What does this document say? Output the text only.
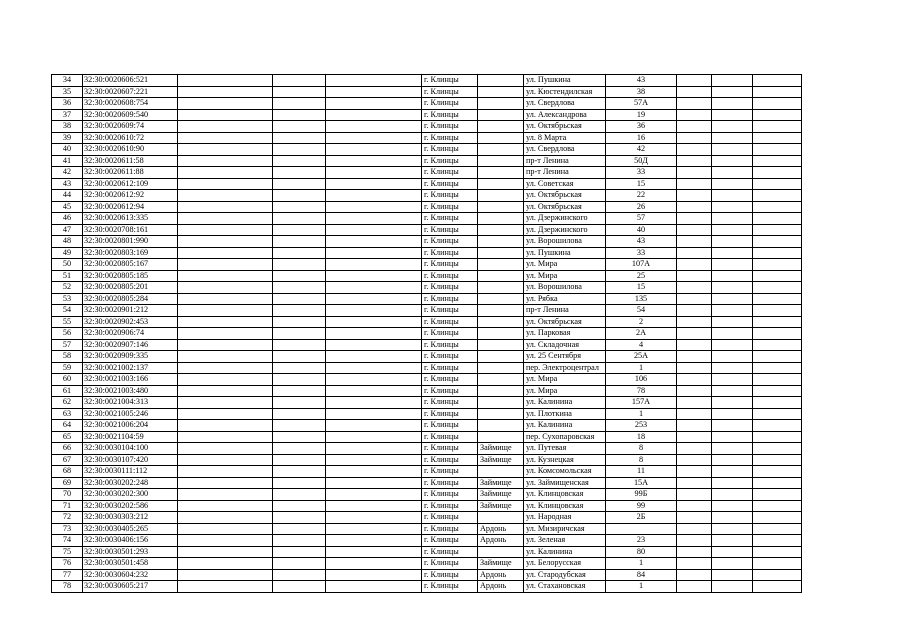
34	32:30:0020606:521				г. Клинцы		ул. Пушкина	43			
35	32:30:0020607:221				г. Клинцы		ул. Кюстендилская	38			
36	32:30:0020608:754				г. Клинцы		ул. Свердлова	57А			
37	32:30:0020609:540				г. Клинцы		ул. Александрова	19			
38	32:30:0020609:74				г. Клинцы		ул. Октябрьская	36			
39	32:30:0020610:72				г. Клинцы		ул. 8 Марта	16			
40	32:30:0020610:90				г. Клинцы		ул. Свердлова	42			
41	32:30:0020611:58				г. Клинцы		пр-т Ленина	50Д			
42	32:30:0020611:88				г. Клинцы		пр-т Ленина	33			
43	32:30:0020612:109				г. Клинцы		ул. Советская	15			
44	32:30:0020612:92				г. Клинцы		ул. Октябрьская	22			
45	32:30:0020612:94				г. Клинцы		ул. Октябрьская	26			
46	32:30:0020613:335				г. Клинцы		ул. Дзержинского	57			
47	32:30:0020708:161				г. Клинцы		ул. Дзержинского	40			
48	32:30:0020801:990				г. Клинцы		ул. Ворошилова	43			
49	32:30:0020803:169				г. Клинцы		ул. Пушкина	33			
50	32:30:0020805:167				г. Клинцы		ул. Мира	107А			
51	32:30:0020805:185				г. Клинцы		ул. Мира	25			
52	32:30:0020805:201				г. Клинцы		ул. Ворошилова	15			
53	32:30:0020805:284				г. Клинцы		ул. Рябка	135			
54	32:30:0020901:212				г. Клинцы		пр-т Ленина	54			
55	32:30:0020902:453				г. Клинцы		ул. Октябрьская	2			
56	32:30:0020906:74				г. Клинцы		ул. Парковая	2А			
57	32:30:0020907:146				г. Клинцы		ул. Складочная	4			
58	32:30:0020909:335				г. Клинцы		ул. 25 Сентября	25А			
59	32:30:0021002:137				г. Клинцы		пер. Электроцентрал	1			
60	32:30:0021003:166				г. Клинцы		ул. Мира	106			
61	32:30:0021003:480				г. Клинцы		ул. Мира	78			
62	32:30:0021004:313				г. Клинцы		ул. Калинина	157А			
63	32:30:0021005:246				г. Клинцы		ул. Плоткина	1			
64	32:30:0021006:204				г. Клинцы		ул. Калинина	253			
65	32:30:0021104:59				г. Клинцы		пер. Сухопаровская	18			
66	32:30:0030104:100				г. Клинцы	Займище	ул. Путевая	8			
67	32:30:0030107:420				г. Клинцы	Займище	ул. Кузнецкая	8			
68	32:30:0030111:112				г. Клинцы		ул. Комсомольская	11			
69	32:30:0030202:248				г. Клинцы	Займище	ул. Займищенская	15А			
70	32:30:0030202:300				г. Клинцы	Займище	ул. Клинцовская	99Б			
71	32:30:0030202:586				г. Клинцы	Займище	ул. Клинцовская	99			
72	32:30:0030303:212				г. Клинцы		ул. Народная	2Б			
73	32:30:0030405:265				г. Клинцы	Ардонь	ул. Мизиричская				
74	32:30:0030406:156				г. Клинцы	Ардонь	ул. Зеленая	23			
75	32:30:0030501:293				г. Клинцы		ул. Калинина	80			
76	32:30:0030501:458				г. Клинцы	Займище	ул. Белорусская	1			
77	32:30:0030604:232				г. Клинцы	Ардонь	ул. Стародубская	84			
78	32:30:0030605:217				г. Клинцы	Ардонь	ул. Стахановская	1			
